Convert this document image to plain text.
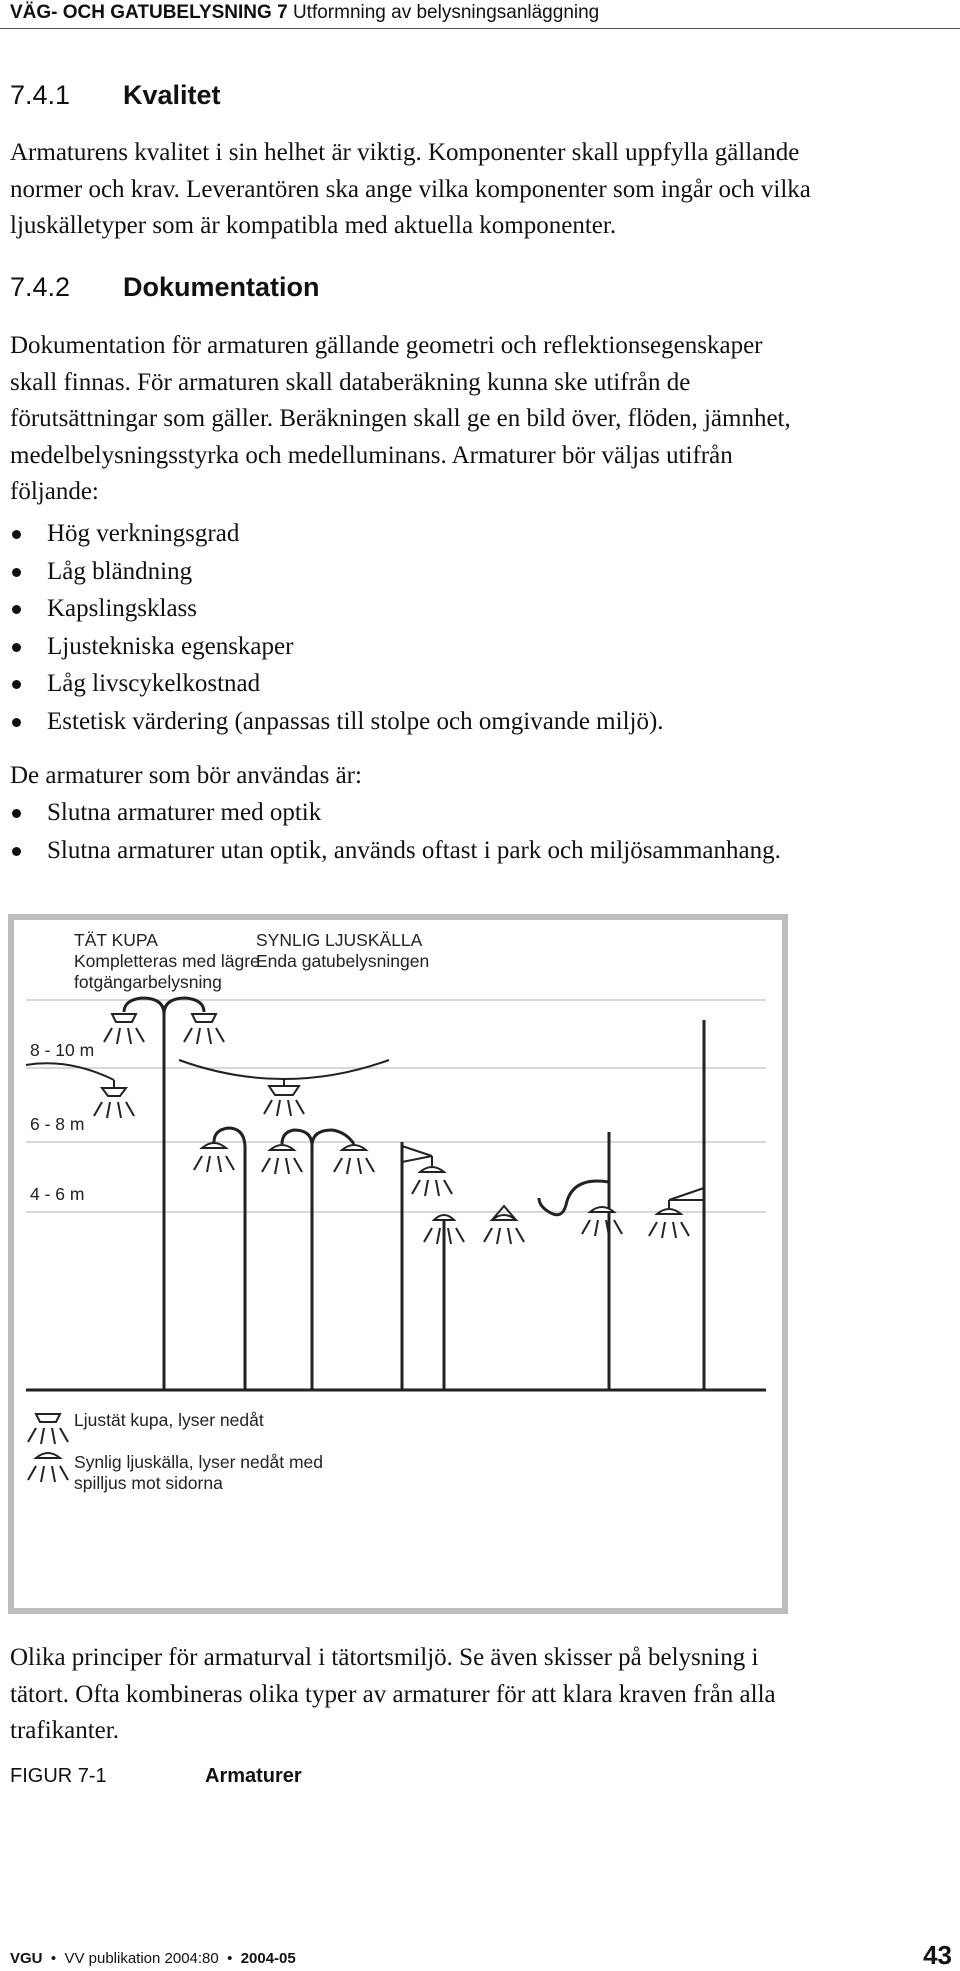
VÄG- OCH GATUBELYSNING 7 Utformning av belysningsanläggning
7.4.1 Kvalitet
Armaturens kvalitet i sin helhet är viktig. Komponenter skall uppfylla gällande
normer och krav. Leverantören ska ange vilka komponenter som ingår och vilka
ljuskälletyper som är kompatibla med aktuella komponenter.
7.4.2 Dokumentation
Dokumentation för armaturen gällande geometri och reflektionsegenskaper
skall finnas. För armaturen skall databeräkning kunna ske utifrån de
förutsättningar som gäller. Beräkningen skall ge en bild över, flöden, jämnhet,
medelbelysningsstyrka och medelluminans. Armaturer bör väljas utifrån
följande:
Hög verkningsgrad
Låg bländning
Kapslingsklass
Ljustekniska egenskaper
Låg livscykelkostnad
Estetisk värdering (anpassas till stolpe och omgivande miljö).
De armaturer som bör användas är:
Slutna armaturer med optik
Slutna armaturer utan optik, används oftast i park och miljösammanhang.
TÄT KUPA
Kompletteras med lägre
fotgängarbelysning
SYNLIG LJUSKÄLLA
Enda gatubelysningen
8 - 10 m
6 - 8 m
4 - 6 m
Ljustät kupa, lyser nedåt
Synlig ljuskälla, lyser nedåt med
spilljus mot sidorna
Olika principer för armaturval i tätortsmiljö. Se även skisser på belysning i
tätort. Ofta kombineras olika typer av armaturer för att klara kraven från alla
trafikanter.
FIGUR 7-1	Armaturer
VGU  •  VV publikation 2004:80  •  2004-05	43
